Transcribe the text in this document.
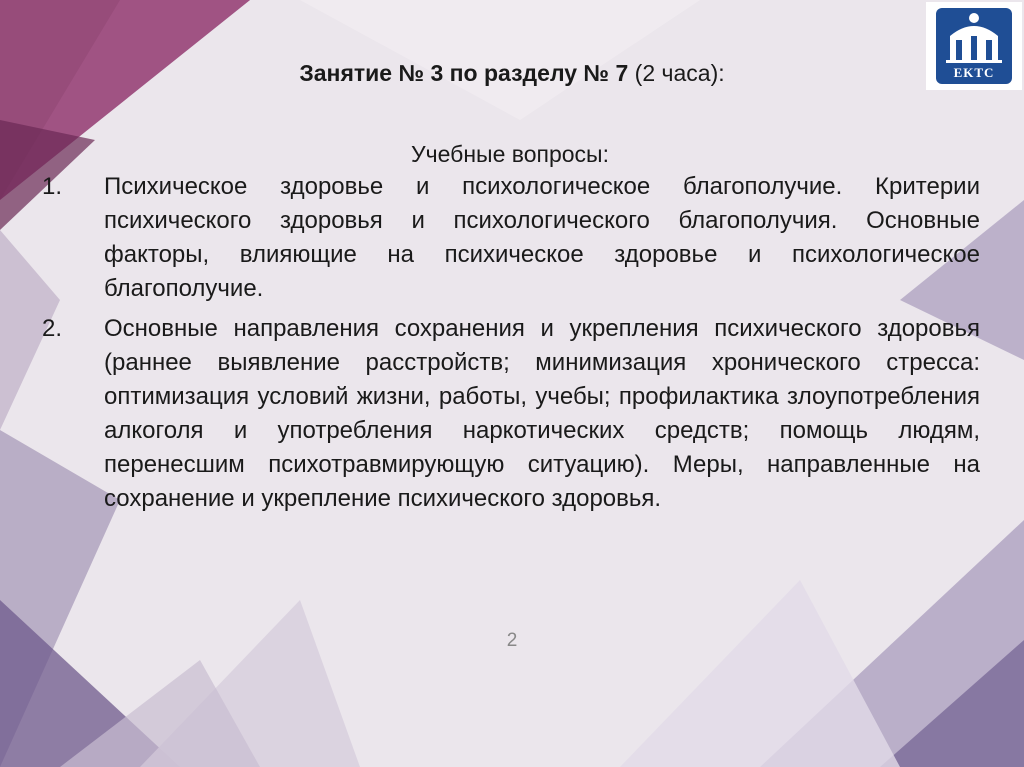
EKTC
Занятие № 3 по разделу № 7 (2 часа):
Учебные вопросы:
1. Психическое здоровье и психологическое благополучие. Критерии психического здоровья и психологического благополучия. Основные факторы, влияющие на психическое здоровье и психологическое благополучие.
2. Основные направления сохранения и укрепления психического здоровья (раннее выявление расстройств; минимизация хронического стресса: оптимизация условий жизни, работы, учебы; профилактика злоупотребления алкоголя и употребления наркотических средств; помощь людям, перенесшим психотравмирующую ситуацию). Меры, направленные на сохранение и укрепление психического здоровья.
2
